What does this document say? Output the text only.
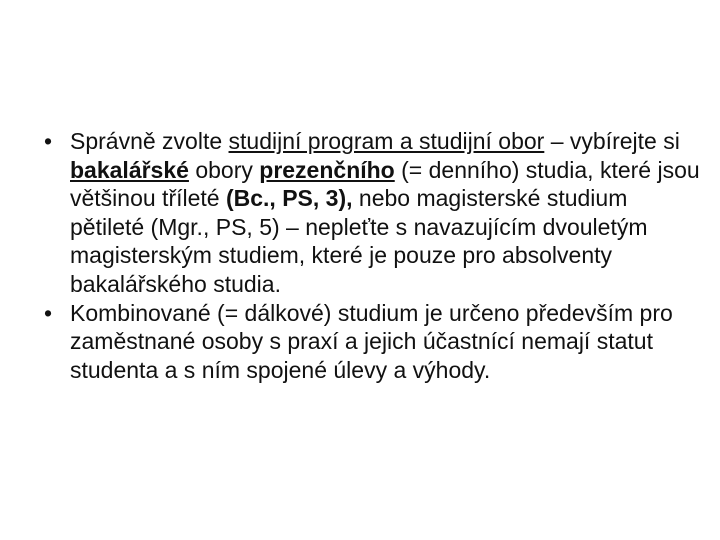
• Správně zvolte studijní program a studijní obor – vybírejte si bakalářské obory prezenčního (= denního) studia, které jsou většinou tříleté (Bc., PS, 3), nebo magisterské studium pětileté (Mgr., PS, 5) – nepleťte s navazujícím dvouletým magisterským studiem, které je pouze pro absolventy bakalářského studia.
• Kombinované (= dálkové) studium je určeno především pro zaměstnané osoby s praxí a jejich účastnící nemají statut studenta a s ním spojené úlevy a výhody.
